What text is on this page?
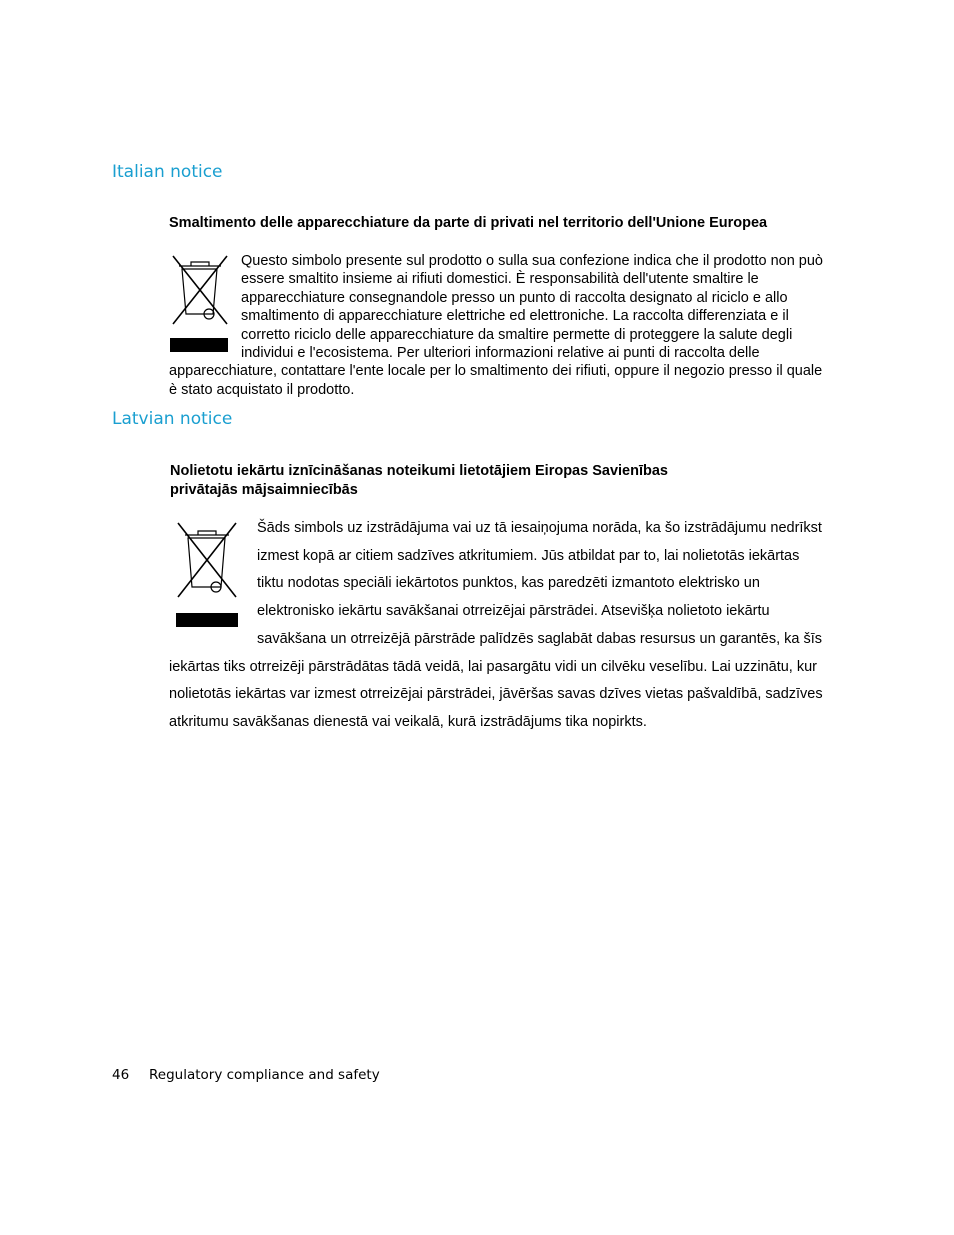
Italian notice
Smaltimento delle apparecchiature da parte di privati nel territorio dell'Unione Europea
Questo simbolo presente sul prodotto o sulla sua confezione indica che il prodotto non può essere smaltito insieme ai rifiuti domestici. È responsabilità dell'utente smaltire le apparecchiature consegnandole presso un punto di raccolta designato al riciclo e allo smaltimento di apparecchiature elettriche ed elettroniche. La raccolta differenziata e il corretto riciclo delle apparecchiature da smaltire permette di proteggere la salute degli individui e l'ecosistema. Per ulteriori informazioni relative ai punti di raccolta delle apparecchiature, contattare l'ente locale per lo smaltimento dei rifiuti, oppure il negozio presso il quale è stato acquistato il prodotto.
Latvian notice
Nolietotu iekārtu iznīcināšanas noteikumi lietotājiem Eiropas Savienības
privātajās mājsaimniecībās
Šāds simbols uz izstrādājuma vai uz tā iesaiņojuma norāda, ka šo izstrādājumu nedrīkst izmest kopā ar citiem sadzīves atkritumiem. Jūs atbildat par to, lai nolietotās iekārtas tiktu nodotas speciāli iekārtotos punktos, kas paredzēti izmantoto elektrisko un elektronisko iekārtu savākšanai otrreizējai pārstrādei. Atsevišķa nolietoto iekārtu savākšana un otrreizējā pārstrāde palīdzēs saglabāt dabas resursus un garantēs, ka šīs iekārtas tiks otrreizēji pārstrādātas tādā veidā, lai pasargātu vidi un cilvēku veselību. Lai uzzinātu, kur nolietotās iekārtas var izmest otrreizējai pārstrādei, jāvēršas savas dzīves vietas pašvaldībā, sadzīves atkritumu savākšanas dienestā vai veikalā, kurā izstrādājums tika nopirkts.
46 Regulatory compliance and safety
